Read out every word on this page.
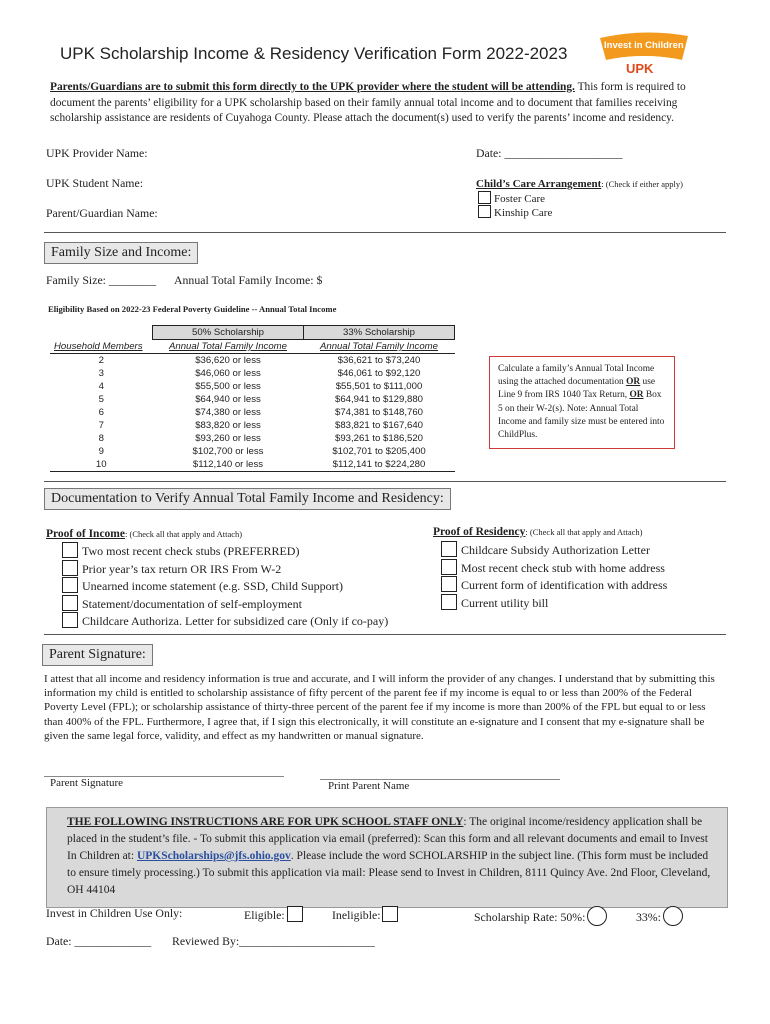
UPK Scholarship Income & Residency Verification Form 2022-2023	Invest in Children
UPK
Parents/Guardians are to submit this form directly to the UPK provider where the student will be attending. This form is required to document the parents’ eligibility for a UPK scholarship based on their family annual total income and to document that families receiving scholarship assistance are residents of Cuyahoga County. Please attach the document(s) used to verify the parents’ income and residency.
UPK Provider Name:	Date: ____________________
UPK Student Name:	Child’s Care Arrangement: (Check if either apply)
Foster Care
Kinship Care
Parent/Guardian Name:
Family Size and Income:
Family Size: ________ Annual Total Family Income: $
Eligibility Based on 2022-23 Federal Poverty Guideline -- Annual Total Income
	50% Scholarship	33% Scholarship
Household Members	Annual Total Family Income	Annual Total Family Income
2	$36,620 or less	$36,621 to $73,240
3	$46,060 or less	$46,061 to $92,120
4	$55,500 or less	$55,501 to $111,000
5	$64,940 or less	$64,941 to $129,880
6	$74,380 or less	$74,381 to $148,760
7	$83,820 or less	$83,821 to $167,640
8	$93,260 or less	$93,261 to $186,520
9	$102,700 or less	$102,701 to $205,400
10	$112,140 or less	$112,141 to $224,280
Calculate a family’s Annual Total Income using the attached documentation OR use Line 9 from IRS 1040 Tax Return, OR Box 5 on their W-2(s). Note: Annual Total Income and family size must be entered into ChildPlus.
Documentation to Verify Annual Total Family Income and Residency:
Proof of Income: (Check all that apply and Attach)
Two most recent check stubs (PREFERRED)
Prior year’s tax return OR IRS From W-2
Unearned income statement (e.g. SSD, Child Support)
Statement/documentation of self-employment
Childcare Authoriza. Letter for subsidized care (Only if co-pay)
Proof of Residency: (Check all that apply and Attach)
Childcare Subsidy Authorization Letter
Most recent check stub with home address
Current form of identification with address
Current utility bill
Parent Signature:
I attest that all income and residency information is true and accurate, and I will inform the provider of any changes. I understand that by submitting this information my child is entitled to scholarship assistance of fifty percent of the parent fee if my income is equal to or less than 200% of the Federal Poverty Level (FPL); or scholarship assistance of thirty-three percent of the parent fee if my income is more than 200% of the FPL but equal to or less than 400% of the FPL. Furthermore, I agree that, if I sign this electronically, it will constitute an e-signature and I consent that my e-signature shall be given the same legal force, validity, and effect as my handwritten or manual signature.
Parent Signature	Print Parent Name
THE FOLLOWING INSTRUCTIONS ARE FOR UPK SCHOOL STAFF ONLY: The original income/residency application shall be placed in the student’s file. - To submit this application via email (preferred): Scan this form and all relevant documents and email to Invest In Children at: UPKScholarships@jfs.ohio.gov. Please include the word SCHOLARSHIP in the subject line. (This form must be included to ensure timely processing.) To submit this application via mail: Please send to Invest in Children, 8111 Quincy Ave. 2nd Floor, Cleveland, OH 44104
Invest in Children Use Only:	Eligible:	Ineligible:	Scholarship Rate: 50%:	33%:
Date: _____________ Reviewed By:_______________________
